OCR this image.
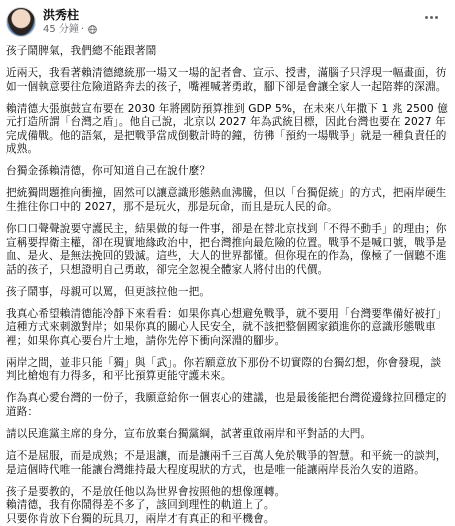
洪秀柱
45 分鐘 ·

孩子鬧脾氣，我們總不能跟著鬧

近兩天，我看著賴清德總統那一場又一場的記者會、宣示、授書，滿腦子只浮現一幅畫面，彷如一個執意要往危險道路奔去的孩子，嘴裡喊著勇敢，腳下卻是會讓全家人一起陪葬的深淵。

賴清德大張旗鼓宣布要在 2030 年將國防預算推到 GDP 5%，在未來八年撒下 1 兆 2500 億元打造所謂「台灣之盾」。他自己說，北京以 2027 年為武統目標，因此台灣也要在 2027 年完成備戰。他的語氣，是把戰爭當成倒數計時的鐘，彷彿「預約一場戰爭」就是一種負責任的成熟。

台獨金孫賴清德，你可知道自己在說什麼？

把統獨問題推向衝撞，固然可以讓意識形態熱血沸騰，但以「台獨促統」的方式，把兩岸硬生生推往你口中的 2027，那不是玩火，那是玩命，而且是玩人民的命。

你口口聲聲說要守護民主，結果做的每一件事，卻是在替北京找到「不得不動手」的理由；你宣稱要捍衛主權，卻在現實地緣政治中，把台灣推向最危險的位置。戰爭不是喊口號，戰爭是血、是火、是無法挽回的毀滅。這些，大人的世界都懂。但你現在的作為，像極了一個聽不進話的孩子，只想證明自己勇敢，卻完全忽視全體家人將付出的代價。

孩子鬧事，母親可以罵，但更該拉他一把。

我真心希望賴清德能冷靜下來看看：如果你真心想避免戰爭，就不要用「台灣要準備好被打」這種方式來刺激對岸；如果你真的關心人民安全，就不該把整個國家鎖進你的意識形態戰車裡；如果你真心要台片土地，請你先停下衝向深淵的腳步。

兩岸之間，並非只能「獨」與「武」。你若願意放下那份不切實際的台獨幻想，你會發現，談判比槍炮有力得多，和平比預算更能守護未來。

作為真心愛台灣的一份子，我願意給你一個衷心的建議，也是最後能把台灣從邊緣拉回穩定的道路：

請以民進黨主席的身分，宣布放棄台獨黨綱，試著重啟兩岸和平對話的大門。

這不是屈服，而是成熟；不是退讓，而是讓兩千三百萬人免於戰爭的智慧。和平統一的談判，是這個時代唯一能讓台灣維持最大程度現狀的方式，也是唯一能讓兩岸長治久安的道路。

孩子是要教的，不是放任他以為世界會按照他的想像運轉。

賴清德，我有你鬧得差不多了，該回到理性的軌道上了。

只要你肯放下台獨的玩具刀，兩岸才有真正的和平機會。
